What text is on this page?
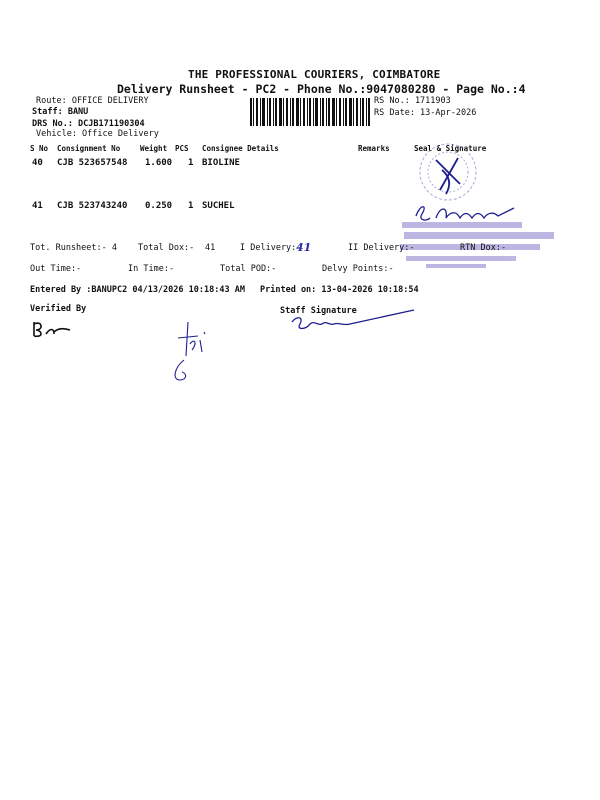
THE PROFESSIONAL COURIERS, COIMBATORE
Delivery Runsheet - PC2 - Phone No.:9047080280 - Page No.:4
Route: OFFICE DELIVERY
Staff: BANU
DRS No.: DCJB171190304
Vehicle: Office Delivery
RS No.: 1711903
RS Date: 13-Apr-2026
S No Consignment No	Weight PCS Consignee Details	Remarks	Seal & Signature
40 CJB 523657548 1.600 1 BIOLINE
41 CJB 523743240 0.250 1 SUCHEL
Tot. Runsheet:- 4 Total Dox:- 41	I Delivery:-
41	II Delivery:-	RTN Dox:-
Out Time:-	In Time:-	Total POD:-	Delvy Points:-
Entered By :BANUPC2 04/13/2026 10:18:43 AM Printed on: 13-04-2026 10:18:54
Verified By	Staff Signature
